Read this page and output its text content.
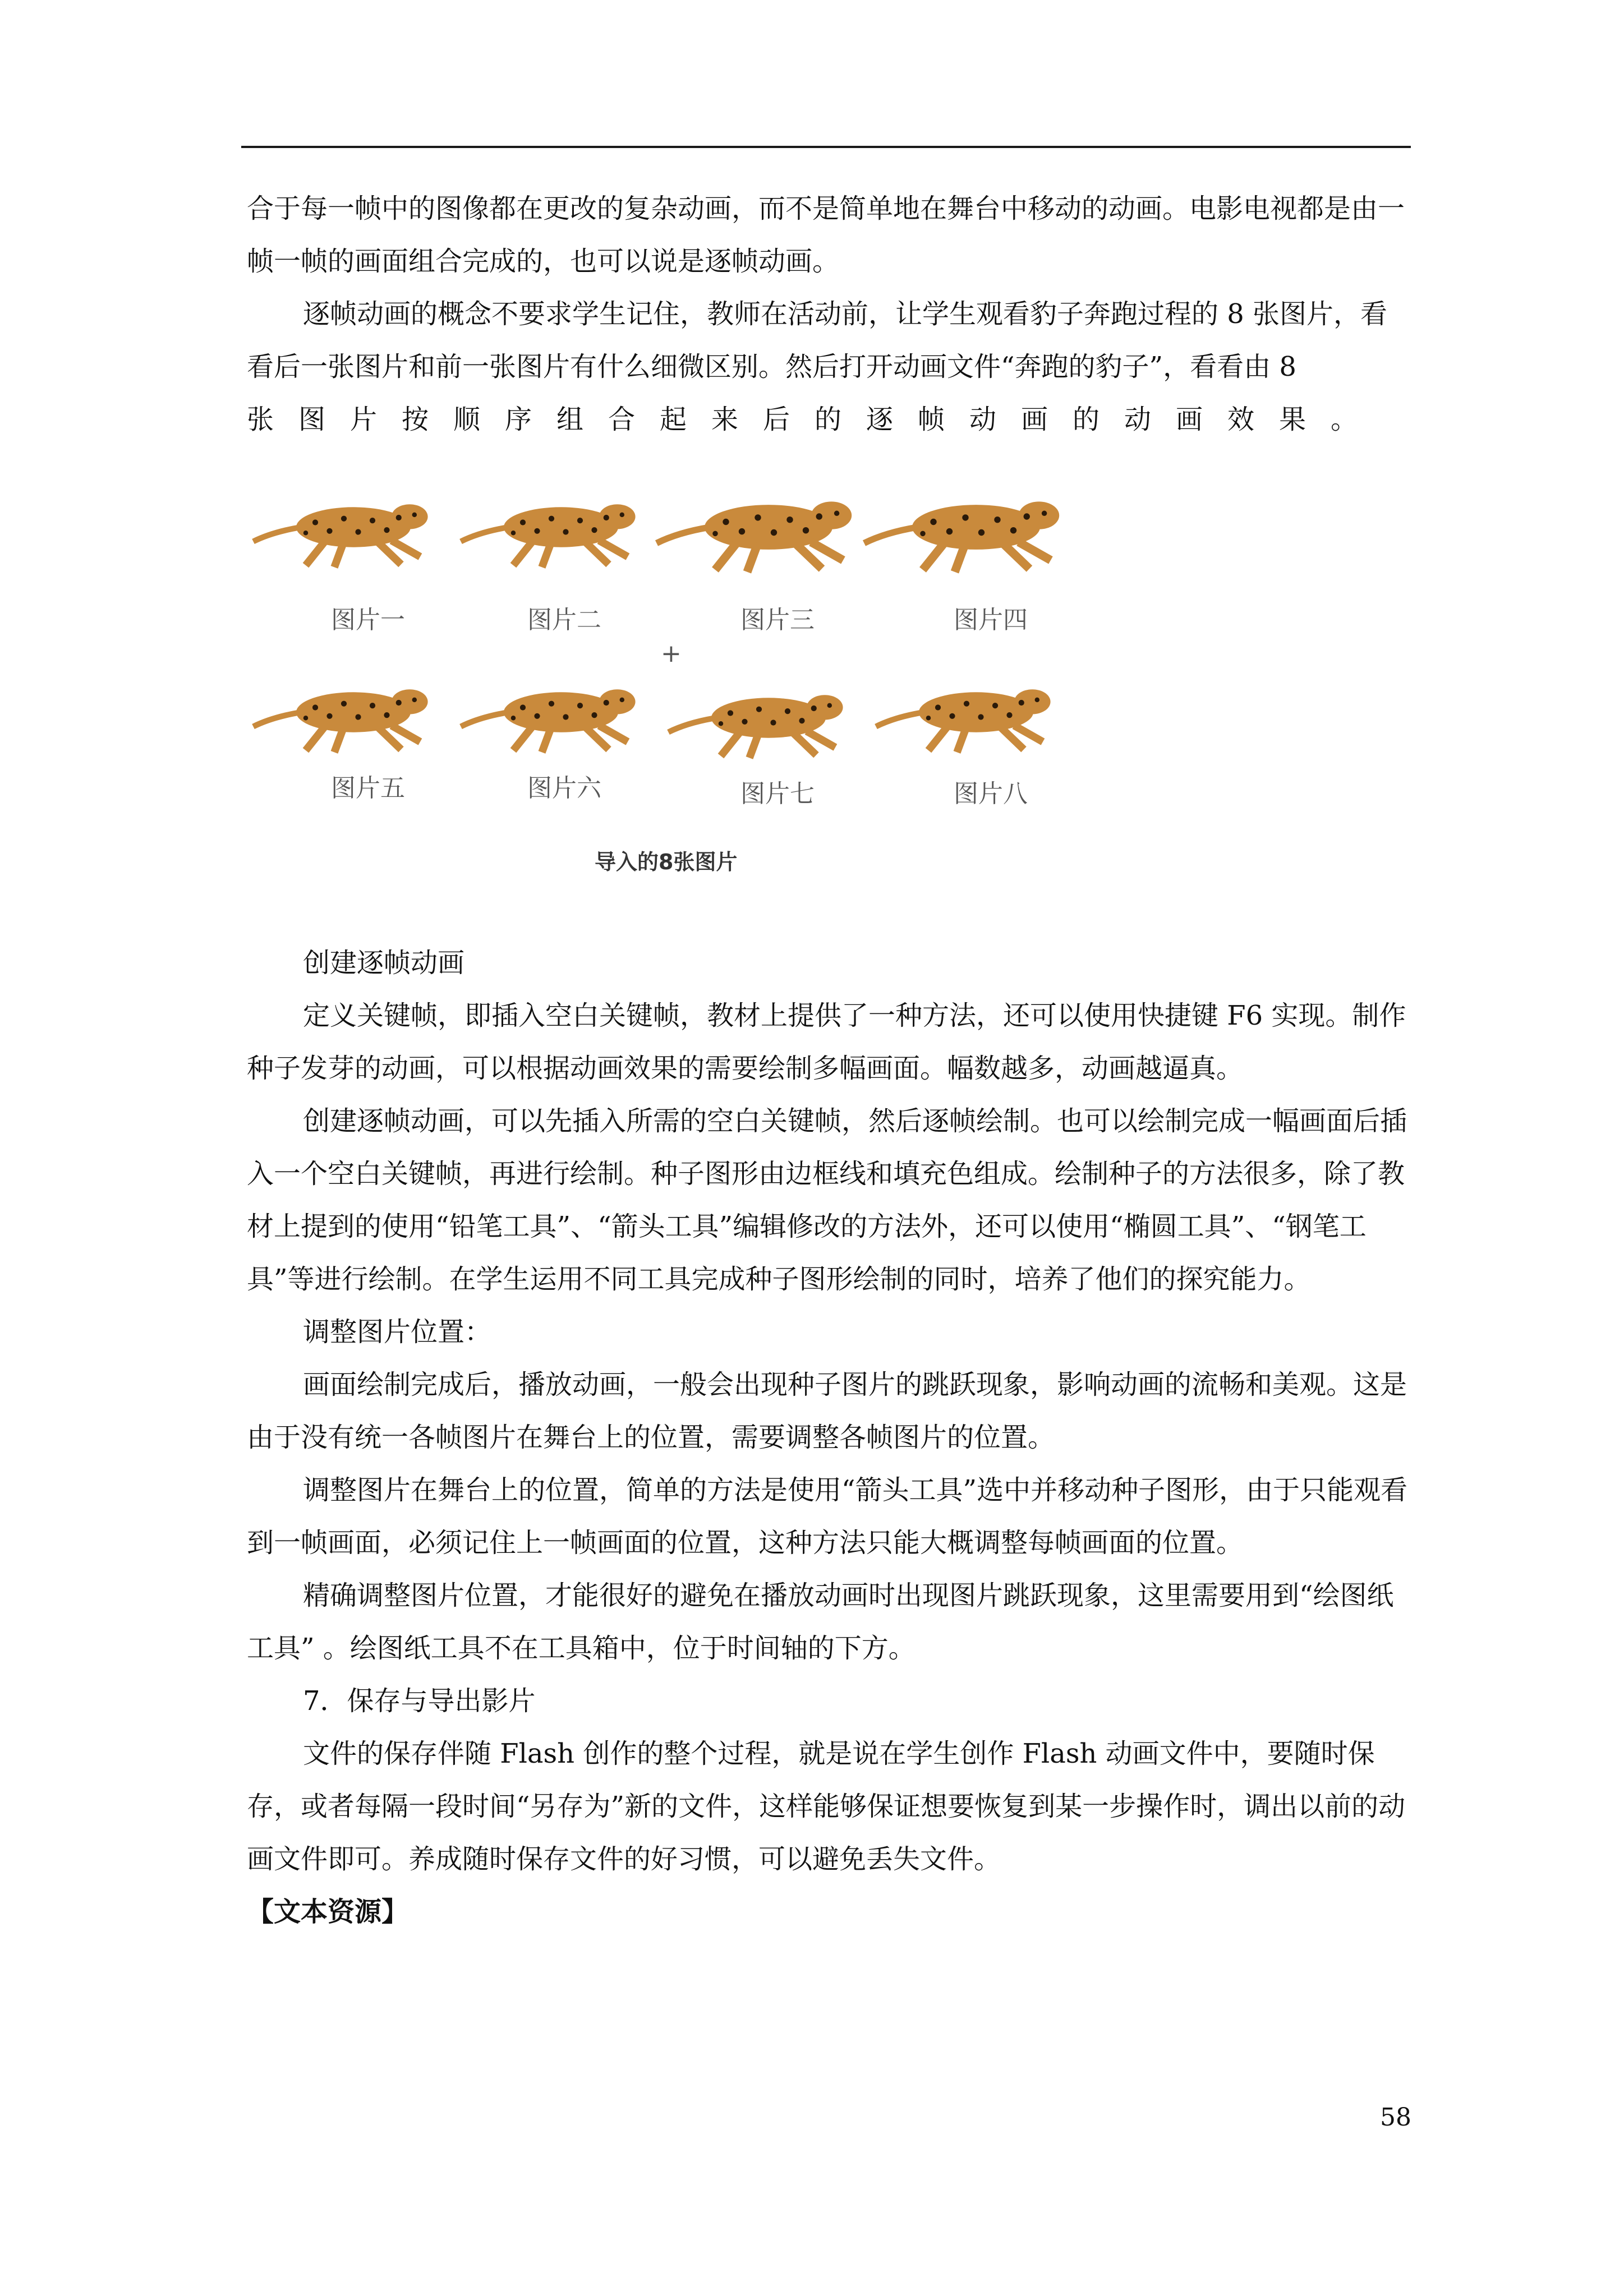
合于每一帧中的图像都在更改的复杂动画，而不是简单地在舞台中移动的动画。电影电视都是由一帧一帧的画面组合完成的，也可以说是逐帧动画。

逐帧动画的概念不要求学生记住，教师在活动前，让学生观看豹子奔跑过程的 8 张图片，看看后一张图片和前一张图片有什么细微区别。然后打开动画文件“奔跑的豹子”，看看由 8

张图片按顺序组合起来后的逐帧动画的动画效果。

图片一	图片二	图片三	图片四
+
图片五	图片六	图片七	图片八
导入的8张图片

创建逐帧动画

定义关键帧，即插入空白关键帧，教材上提供了一种方法，还可以使用快捷键 F6 实现。制作种子发芽的动画，可以根据动画效果的需要绘制多幅画面。幅数越多，动画越逼真。

创建逐帧动画，可以先插入所需的空白关键帧，然后逐帧绘制。也可以绘制完成一幅画面后插入一个空白关键帧，再进行绘制。种子图形由边框线和填充色组成。绘制种子的方法很多，除了教材上提到的使用“铅笔工具”、“箭头工具”编辑修改的方法外，还可以使用“椭圆工具”、“钢笔工具”等进行绘制。在学生运用不同工具完成种子图形绘制的同时，培养了他们的探究能力。

调整图片位置：

画面绘制完成后，播放动画，一般会出现种子图片的跳跃现象，影响动画的流畅和美观。这是由于没有统一各帧图片在舞台上的位置，需要调整各帧图片的位置。

调整图片在舞台上的位置，简单的方法是使用“箭头工具”选中并移动种子图形，由于只能观看到一帧画面，必须记住上一帧画面的位置，这种方法只能大概调整每帧画面的位置。

精确调整图片位置，才能很好的避免在播放动画时出现图片跳跃现象，这里需要用到“绘图纸工具” 。绘图纸工具不在工具箱中，位于时间轴的下方。

7．保存与导出影片

文件的保存伴随 Flash 创作的整个过程，就是说在学生创作 Flash 动画文件中，要随时保存，或者每隔一段时间“另存为”新的文件，这样能够保证想要恢复到某一步操作时，调出以前的动画文件即可。养成随时保存文件的好习惯，可以避免丢失文件。

【文本资源】

58
